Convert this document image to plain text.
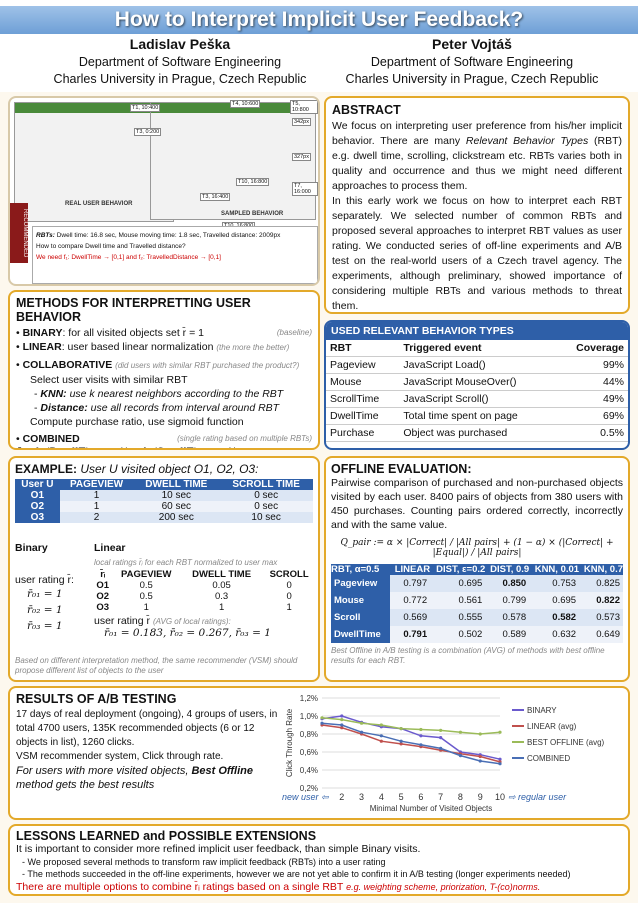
How to Interpret Implicit User Feedback?
Ladislav Peška
Department of Software Engineering
Charles University in Prague, Czech Republic
Peter Vojtáš
Department of Software Engineering
Charles University in Prague, Czech Republic
REAL USER BEHAVIOR
SAMPLED BEHAVIOR
RECOMMENDED
T1, 10:400
T4, 10:600	T5, 10:800
T3, 0:200
342px
327px
T7, 16:000
T10, 16:800
T3, 16:400
RBTs: Dwell time: 16.8 sec, Mouse moving time: 1.8 sec, Travelled distance: 2009px
How to compare Dwell time and Travelled distance?
We need f₁: DwellTime → [0,1] and f₂: TravelledDistance → [0,1]
ABSTRACT
We focus on interpreting user preference from his/her implicit behavior. There are many Relevant Behavior Types (RBT) e.g. dwell time, scrolling, clickstream etc. RBTs varies both in quality and occurrence and thus we might need different approaches to process them.
In this early work we focus on how to interpret each RBT separately. We selected number of common RBTs and proposed several approaches to interpret RBT values as user rating. We conducted series of off-line experiments and A/B test on the real-world users of a Czech travel agency. The experiments, although preliminary, showed importance of considering multiple RBTs and various methods to threat them.
METHODS FOR INTERPRETTING USER BEHAVIOR
• BINARY: for all visited objects set r̄ = 1	(baseline)
• LINEAR: user based linear normalization (the more the better)
• COLLABORATIVE (did users with similar RBT purchased the product?)
Select user visits with similar RBT
- KNN: use k nearest neighbors according to the RBT
- Distance: use all records from interval around RBT
Compute purchase ratio, use sigmoid function
• COMBINED	(single rating based on multiple RBTs)
USED RELEVANT BEHAVIOR TYPES
RBT	Triggered event	Coverage
Pageview	JavaScript Load()	99%
Mouse	JavaScript MouseOver()	44%
ScrollTime	JavaScript Scroll()	49%
DwellTime	Total time spent on page	69%
Purchase	Object was purchased	0.5%
EXAMPLE: User U visited object O1, O2, O3:
User U	PAGEVIEW	DWELL TIME	SCROLL TIME
O1	1	10 sec	0 sec
O2	1	60 sec	0 sec
O3	2	200 sec	10 sec
Binary
user rating r̄:
r̄₀₁ = 1
r̄₀₂ = 1
r̄₀₃ = 1
Linear
local ratings r̄ᵢ for each RBT normalized to user max
r̄ᵢ	PAGEVIEW	DWELL TIME	SCROLL
O1	0.5	0.05	0
O2	0.5	0.3	0
O3	1	1	1
user rating r̄ (AVG of local ratings):
r̄₀₁ = 0.183, r̄₀₂ = 0.267, r̄₀₃ = 1
Based on different interpretation method, the same recommender (VSM) should propose different list of objects to the user
OFFLINE EVALUATION:
Pairwise comparison of purchased and non-purchased objects visited by each user. 8400 pairs of objects from 380 users with 450 purchases. Counting pairs ordered correctly, incorrectly and with the same value.
Q_pair := α × |Correct| / |All pairs| + (1 − α) × (|Correct| + |Equal|) / |All pairs|
RBT, α=0.5	LINEAR	DIST, ε=0.2	DIST, 0.9	KNN, 0.01	KNN, 0.7
Pageview	0.797	0.695	0.850	0.753	0.825
Mouse	0.772	0.561	0.799	0.695	0.822
Scroll	0.569	0.555	0.578	0.582	0.573
DwellTime	0.791	0.502	0.589	0.632	0.649
Best Offline in A/B testing is a combination (AVG) of methods with best offline results for each RBT.
RESULTS OF A/B TESTING
17 days of real deployment (ongoing), 4 groups of users, in total 4700 users, 135K recommended objects (6 or 12 objects in list), 1260 clicks.
VSM recommender system, Click through rate.
For users with more visited objects, Best Offline method gets the best results	0,2%
0,4%
0,6%
0,8%
1,0%
1,2%
Click Through Rate
2 3 4 5 6 7 8 9 10
Minimal Number of Visited Objects
new user ⇦	⇨ regular user
BINARY
LINEAR (avg)
BEST OFFLINE (avg)
COMBINED
LESSONS LEARNED and POSSIBLE EXTENSIONS
It is important to consider more refined implicit user feedback, than simple Binary visits.
- We proposed several methods to transform raw implicit feedback (RBTs) into a user rating
- The methods succeeded in the off-line experiments, however we are not yet able to confirm it in A/B testing (longer experiments needed)
There are multiple options to combine r̄ᵢ ratings based on a single RBT e.g. weighting scheme, priorization, T-(co)norms.
